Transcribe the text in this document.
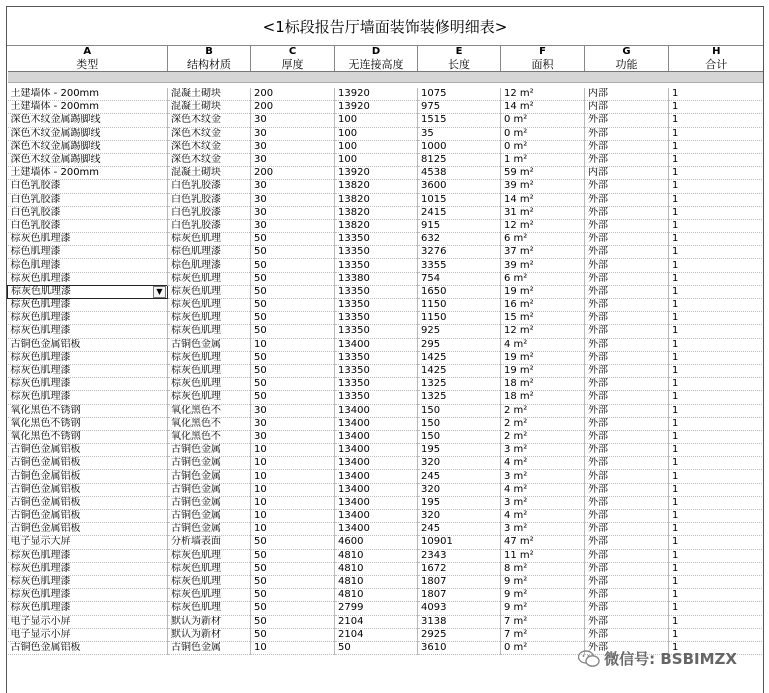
<1标段报告厅墙面装饰装修明细表>
A	B	C	D	E	F	G	H
类型	结构材质	厚度	无连接高度	长度	面积	功能	合计

土建墙体 - 200mm	混凝土砌块	200	13920	1075	12 m²	内部	1
土建墙体 - 200mm	混凝土砌块	200	13920	975	14 m²	内部	1
深色木纹金属踢脚线	深色木纹金	30	100	1515	0 m²	外部	1
深色木纹金属踢脚线	深色木纹金	30	100	35	0 m²	外部	1
深色木纹金属踢脚线	深色木纹金	30	100	1000	0 m²	外部	1
深色木纹金属踢脚线	深色木纹金	30	100	8125	1 m²	外部	1
土建墙体 - 200mm	混凝土砌块	200	13920	4538	59 m²	内部	1
白色乳胶漆	白色乳胶漆	30	13820	3600	39 m²	外部	1
白色乳胶漆	白色乳胶漆	30	13820	1015	14 m²	外部	1
白色乳胶漆	白色乳胶漆	30	13820	2415	31 m²	外部	1
白色乳胶漆	白色乳胶漆	30	13820	915	12 m²	外部	1
棕灰色肌理漆	棕灰色肌理	50	13350	632	6 m²	外部	1
棕色肌理漆	棕色肌理漆	50	13350	3276	37 m²	外部	1
棕色肌理漆	棕色肌理漆	50	13350	3355	39 m²	外部	1
棕灰色肌理漆	棕灰色肌理	50	13380	754	6 m²	外部	1
棕灰色肌理漆 ▼	棕灰色肌理	50	13350	1650	19 m²	外部	1
棕灰色肌理漆	棕灰色肌理	50	13350	1150	16 m²	外部	1
棕灰色肌理漆	棕灰色肌理	50	13350	1150	15 m²	外部	1
棕灰色肌理漆	棕灰色肌理	50	13350	925	12 m²	外部	1
古铜色金属铝板	古铜色金属	10	13400	295	4 m²	外部	1
棕灰色肌理漆	棕灰色肌理	50	13350	1425	19 m²	外部	1
棕灰色肌理漆	棕灰色肌理	50	13350	1425	19 m²	外部	1
棕灰色肌理漆	棕灰色肌理	50	13350	1325	18 m²	外部	1
棕灰色肌理漆	棕灰色肌理	50	13350	1325	18 m²	外部	1
氧化黑色不锈钢	氧化黑色不	30	13400	150	2 m²	外部	1
氧化黑色不锈钢	氧化黑色不	30	13400	150	2 m²	外部	1
氧化黑色不锈钢	氧化黑色不	30	13400	150	2 m²	外部	1
古铜色金属铝板	古铜色金属	10	13400	195	3 m²	外部	1
古铜色金属铝板	古铜色金属	10	13400	320	4 m²	外部	1
古铜色金属铝板	古铜色金属	10	13400	245	3 m²	外部	1
古铜色金属铝板	古铜色金属	10	13400	320	4 m²	外部	1
古铜色金属铝板	古铜色金属	10	13400	195	3 m²	外部	1
古铜色金属铝板	古铜色金属	10	13400	320	4 m²	外部	1
古铜色金属铝板	古铜色金属	10	13400	245	3 m²	外部	1
电子显示大屏	分析墙表面	50	4600	10901	47 m²	外部	1
棕灰色肌理漆	棕灰色肌理	50	4810	2343	11 m²	外部	1
棕灰色肌理漆	棕灰色肌理	50	4810	1672	8 m²	外部	1
棕灰色肌理漆	棕灰色肌理	50	4810	1807	9 m²	外部	1
棕灰色肌理漆	棕灰色肌理	50	4810	1807	9 m²	外部	1
棕灰色肌理漆	棕灰色肌理	50	2799	4093	9 m²	外部	1
电子显示小屏	默认为新材	50	2104	3138	7 m²	外部	1
电子显示小屏	默认为新材	50	2104	2925	7 m²	外部	1
古铜色金属铝板	古铜色金属	10	50	3610	0 m²	外部	1
微信号: BSBIMZX
